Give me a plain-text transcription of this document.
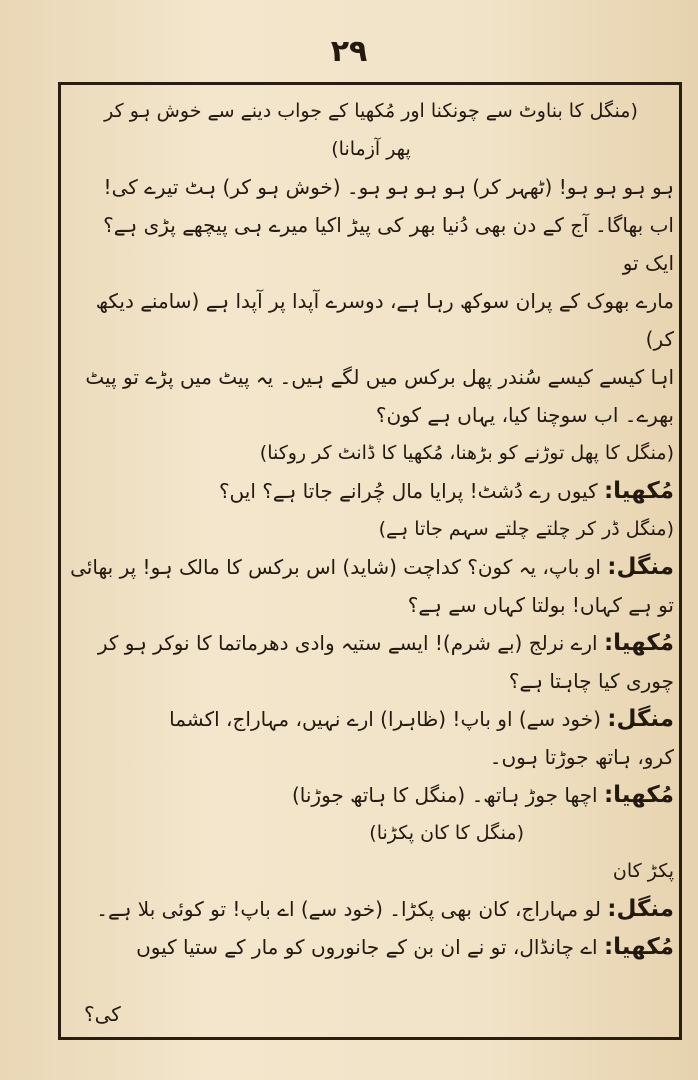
۲۹

(منگل کا بناوٹ سے چونکنا اور مُکھیا کے جواب دینے سے خوش ہو کر

پھر آزمانا)

ہو ہو ہو ہو! (ٹھہر کر) ہو ہو ہو ہو۔ (خوش ہو کر) ہٹ تیرے کی!

اب بھاگا۔ آج کے دن بھی دُنیا بھر کی پیڑ اکیا میرے ہی پیچھے پڑی ہے؟ ایک تو

مارے بھوک کے پران سوکھ رہا ہے، دوسرے آپدا پر آپدا ہے (سامنے دیکھ کر)

اہا کیسے کیسے سُندر پھل برکس میں لگے ہیں۔ یہ پیٹ میں پڑے تو پیٹ

بھرے۔ اب سوچنا کیا، یہاں ہے کون؟

(منگل کا پھل توڑنے کو بڑھنا، مُکھیا کا ڈانٹ کر روکنا)

مُکھیا: کیوں رے دُشٹ! پرایا مال چُرانے جاتا ہے؟ ایں؟

(منگل ڈر کر چلتے چلتے سہم جاتا ہے)

منگل: او باپ، یہ کون؟ کداچت (شاید) اس برکس کا مالک ہو! پر بھائی

تو ہے کہاں! بولتا کہاں سے ہے؟

مُکھیا: ارے نرلج (بے شرم)! ایسے ستیہ وادی دھرماتما کا نوکر ہو کر

چوری کیا چاہتا ہے؟

منگل: (خود سے) او باپ! (ظاہرا) ارے نہیں، مہاراج، اکشما

کرو، ہاتھ جوڑتا ہوں۔

مُکھیا: اچھا جوڑ ہاتھ۔ (منگل کا ہاتھ جوڑنا)

(منگل کا کان پکڑنا)

پکڑ کان

منگل: لو مہاراج، کان بھی پکڑا۔ (خود سے) اے باپ! تو کوئی بلا ہے۔

مُکھیا: اے چانڈال، تو نے ان بن کے جانوروں کو مار کے ستیا کیوں

کی؟
